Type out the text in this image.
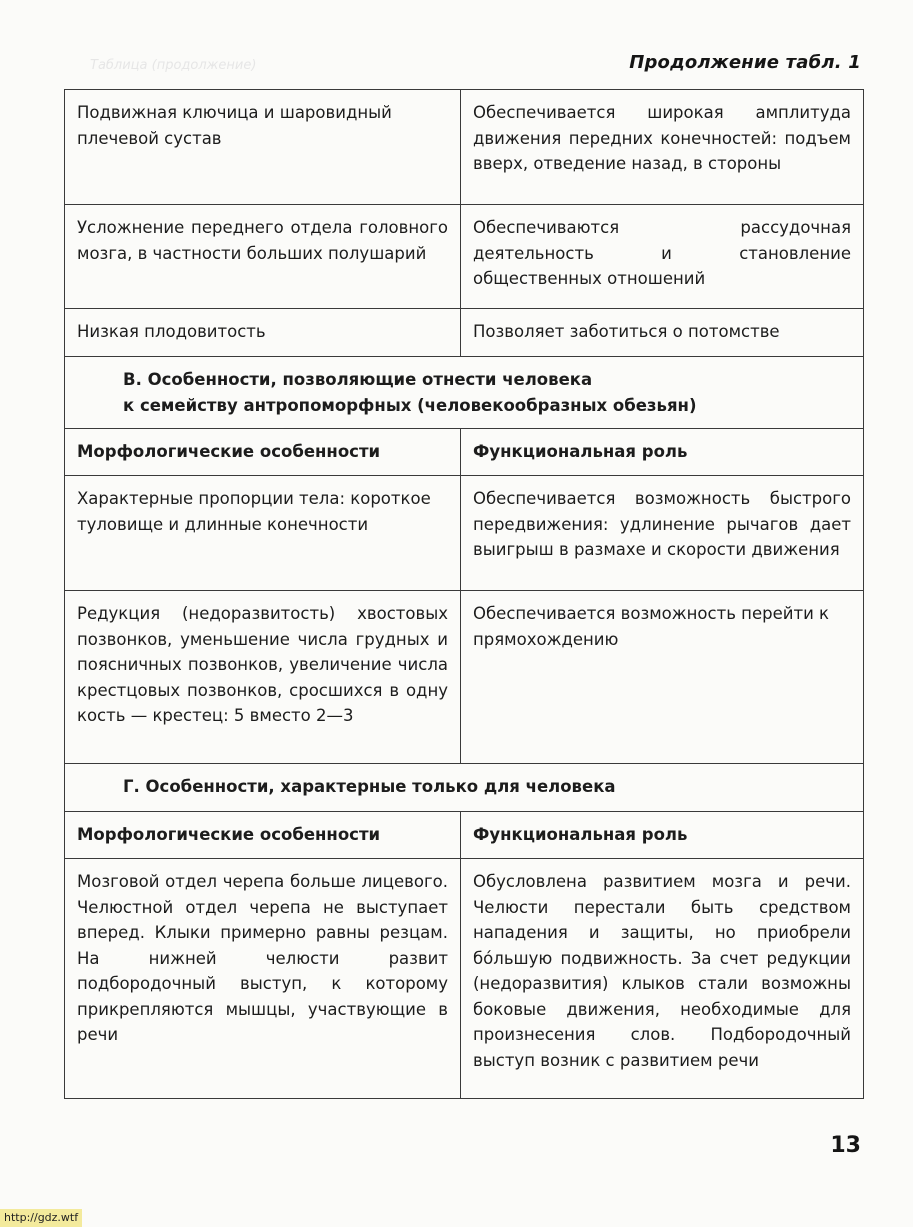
Таблица (продолжение)	Продолжение табл. 1
Подвижная ключица и шаровидный плечевой сустав	Обеспечивается широкая амплитуда движения передних конечностей: подъем вверх, отведение назад, в стороны
Усложнение переднего отдела головного мозга, в частности больших полушарий	Обеспечиваются рассудочная деятельность и становление общественных отношений
Низкая плодовитость	Позволяет заботиться о потомстве

В. Особенности, позволяющие отнести человека
к семейству антропоморфных (человекообразных обезьян)	

Морфологические особенности	Функциональная роль
Характерные пропорции тела: короткое туловище и длинные конечности	Обеспечивается возможность быстрого передвижения: удлинение рычагов дает выигрыш в размахе и скорости движения
Редукция (недоразвитость) хвостовых позвонков, уменьшение числа грудных и поясничных позвонков, увеличение числа крестцовых позвонков, сросшихся в одну кость — крестец: 5 вместо 2—3	Обеспечивается возможность перейти к прямохождению
Г. Особенности, характерные только для человека	
Морфологические особенности	Функциональная роль
Мозговой отдел черепа больше лицевого. Челюстной отдел черепа не выступает вперед. Клыки примерно равны резцам. На нижней челюсти развит подбородочный выступ, к которому прикрепляются мышцы, участвующие в речи	Обусловлена развитием мозга и речи. Челюсти перестали быть средством нападения и защиты, но приобрели бóльшую подвижность. За счет редукции (недоразвития) клыков стали возможны боковые движения, необходимые для произнесения слов. Подбородочный выступ возник с развитием речи
13
http://gdz.wtf
